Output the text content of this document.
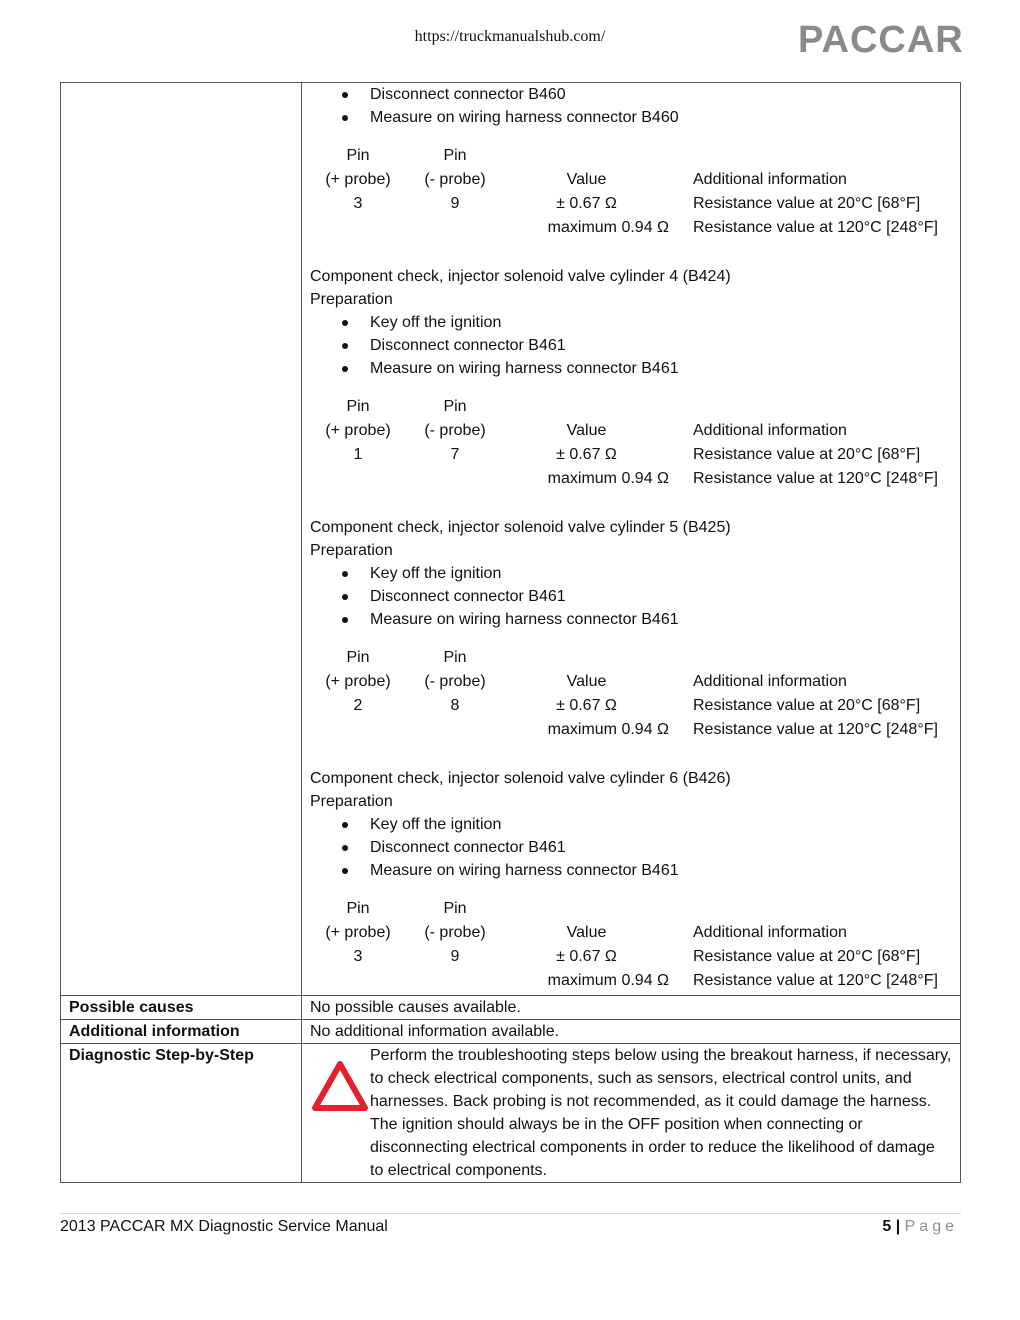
https://truckmanualshub.com/	PACCAR

Disconnect connector B460
Measure on wiring harness connector B460
Pin	Pin		
(+ probe)	(- probe)	Value	Additional information
3	9	± 0.67 Ω	Resistance value at 20°C [68°F]
		maximum 0.94 Ω	Resistance value at 120°C [248°F]
Component check, injector solenoid valve cylinder 4 (B424)
Preparation
Key off the ignition
Disconnect connector B461
Measure on wiring harness connector B461
Pin	Pin		
(+ probe)	(- probe)	Value	Additional information
1	7	± 0.67 Ω	Resistance value at 20°C [68°F]
		maximum 0.94 Ω	Resistance value at 120°C [248°F]
Component check, injector solenoid valve cylinder 5 (B425)
Preparation
Key off the ignition
Disconnect connector B461
Measure on wiring harness connector B461
Pin	Pin		
(+ probe)	(- probe)	Value	Additional information
2	8	± 0.67 Ω	Resistance value at 20°C [68°F]
		maximum 0.94 Ω	Resistance value at 120°C [248°F]
Component check, injector solenoid valve cylinder 6 (B426)
Preparation
Key off the ignition
Disconnect connector B461
Measure on wiring harness connector B461
Pin	Pin		
(+ probe)	(- probe)	Value	Additional information
3	9	± 0.67 Ω	Resistance value at 20°C [68°F]
		maximum 0.94 Ω	Resistance value at 120°C [248°F]

Possible causes	No possible causes available.
Additional information	No additional information available.
Diagnostic Step-by-Step	Perform the troubleshooting steps below using the breakout harness, if necessary, to check electrical components, such as sensors, electrical control units, and harnesses. Back probing is not recommended, as it could damage the harness. The ignition should always be in the OFF position when connecting or disconnecting electrical components in order to reduce the likelihood of damage to electrical components.
2013 PACCAR MX Diagnostic Service Manual	5 | Page
